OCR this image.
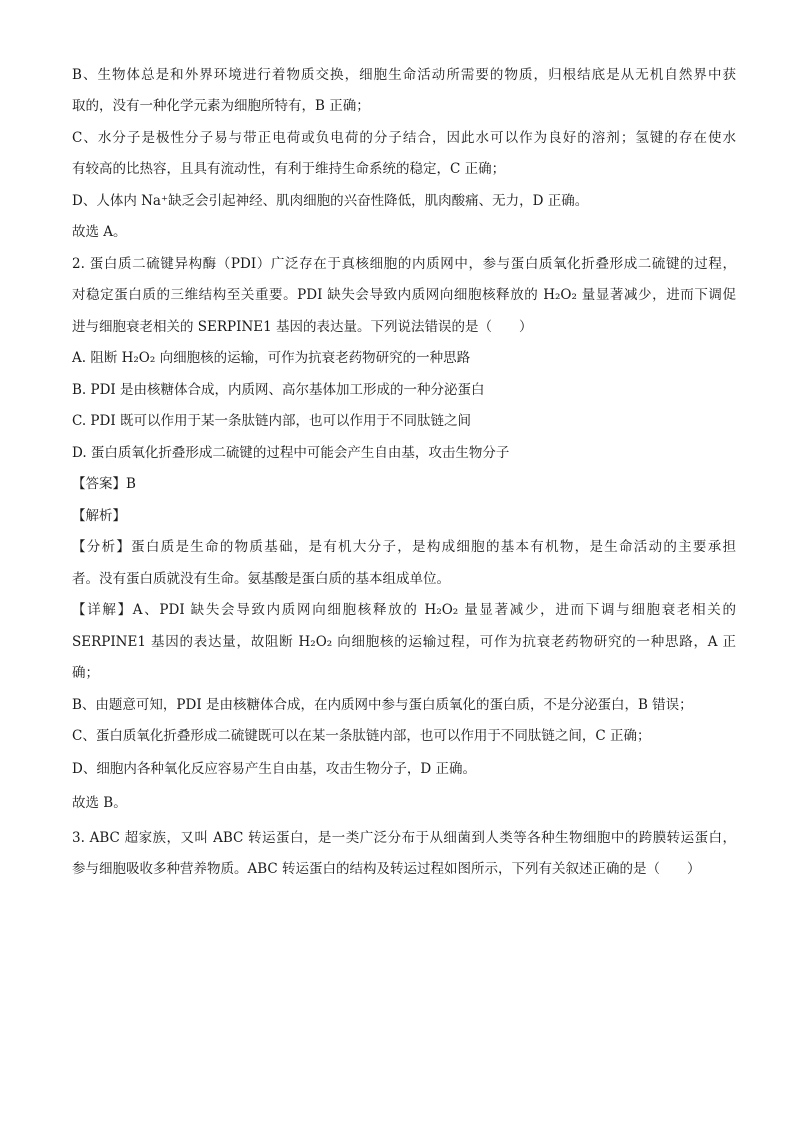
B、生物体总是和外界环境进行着物质交换，细胞生命活动所需要的物质，归根结底是从无机自然界中获
取的，没有一种化学元素为细胞所特有，B 正确；
C、水分子是极性分子易与带正电荷或负电荷的分子结合，因此水可以作为良好的溶剂；氢键的存在使水
有较高的比热容，且具有流动性，有利于维持生命系统的稳定，C 正确；
D、人体内 Na⁺缺乏会引起神经、肌肉细胞的兴奋性降低，肌肉酸痛、无力，D 正确。
故选 A。
2. 蛋白质二硫键异构酶（PDI）广泛存在于真核细胞的内质网中，参与蛋白质氧化折叠形成二硫键的过程，
对稳定蛋白质的三维结构至关重要。PDI 缺失会导致内质网向细胞核释放的 H₂O₂ 量显著减少，进而下调促
进与细胞衰老相关的 SERPINE1 基因的表达量。下列说法错误的是（　　）
A. 阻断 H₂O₂ 向细胞核的运输，可作为抗衰老药物研究的一种思路
B. PDI 是由核糖体合成，内质网、高尔基体加工形成的一种分泌蛋白
C. PDI 既可以作用于某一条肽链内部，也可以作用于不同肽链之间
D. 蛋白质氧化折叠形成二硫键的过程中可能会产生自由基，攻击生物分子
【答案】B
【解析】
【分析】蛋白质是生命的物质基础，是有机大分子，是构成细胞的基本有机物，是生命活动的主要承担
者。没有蛋白质就没有生命。氨基酸是蛋白质的基本组成单位。
【详解】A、PDI 缺失会导致内质网向细胞核释放的 H₂O₂ 量显著减少，进而下调与细胞衰老相关的
SERPINE1 基因的表达量，故阻断 H₂O₂ 向细胞核的运输过程，可作为抗衰老药物研究的一种思路，A 正
确；
B、由题意可知，PDI 是由核糖体合成，在内质网中参与蛋白质氧化的蛋白质，不是分泌蛋白，B 错误；
C、蛋白质氧化折叠形成二硫键既可以在某一条肽链内部，也可以作用于不同肽链之间，C 正确；
D、细胞内各种氧化反应容易产生自由基，攻击生物分子，D 正确。
故选 B。
3. ABC 超家族，又叫 ABC 转运蛋白，是一类广泛分布于从细菌到人类等各种生物细胞中的跨膜转运蛋白，
参与细胞吸收多种营养物质。ABC 转运蛋白的结构及转运过程如图所示，下列有关叙述正确的是（　　）
